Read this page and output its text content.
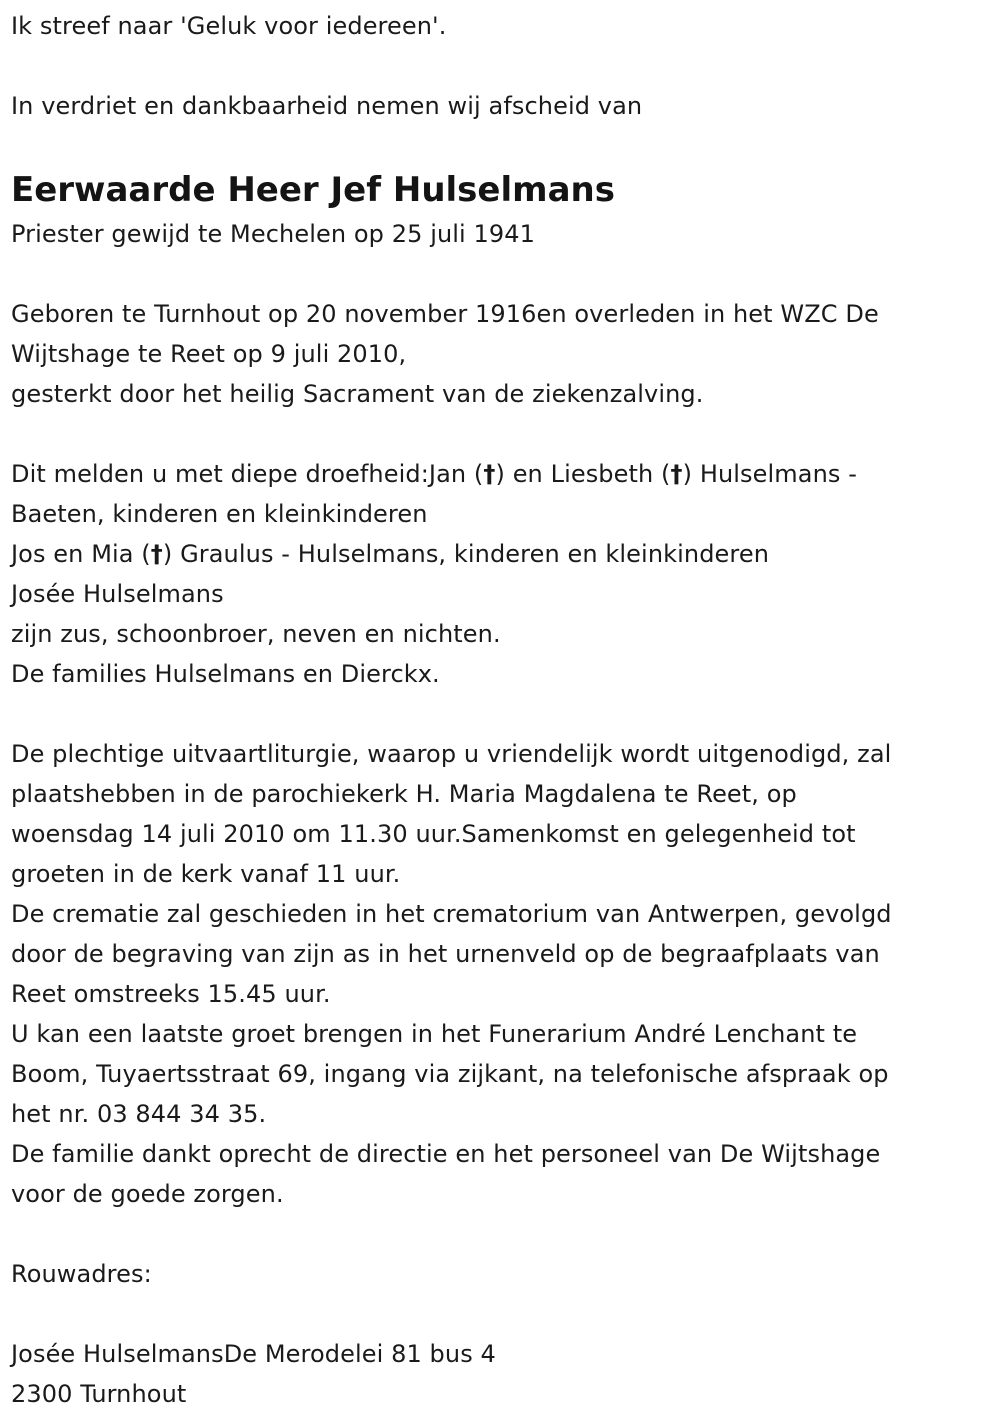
Ik streef naar 'Geluk voor iedereen'.

In verdriet en dankbaarheid nemen wij afscheid van

Eerwaarde Heer Jef Hulselmans

Priester gewijd te Mechelen op 25 juli 1941

Geboren te Turnhout op 20 november 1916en overleden in het WZC De

Wijtshage te Reet op 9 juli 2010,

gesterkt door het heilig Sacrament van de ziekenzalving.

Dit melden u met diepe droefheid:Jan (†) en Liesbeth (†) Hulselmans -

Baeten, kinderen en kleinkinderen

Jos en Mia (†) Graulus - Hulselmans, kinderen en kleinkinderen

Josée Hulselmans

zijn zus, schoonbroer, neven en nichten.

De families Hulselmans en Dierckx.

De plechtige uitvaartliturgie, waarop u vriendelijk wordt uitgenodigd, zal

plaatshebben in de parochiekerk H. Maria Magdalena te Reet, op

woensdag 14 juli 2010 om 11.30 uur.Samenkomst en gelegenheid tot

groeten in de kerk vanaf 11 uur.

De crematie zal geschieden in het crematorium van Antwerpen, gevolgd

door de begraving van zijn as in het urnenveld op de begraafplaats van

Reet omstreeks 15.45 uur.

U kan een laatste groet brengen in het Funerarium André Lenchant te

Boom, Tuyaertsstraat 69, ingang via zijkant, na telefonische afspraak op

het nr. 03 844 34 35.

De familie dankt oprecht de directie en het personeel van De Wijtshage

voor de goede zorgen.

Rouwadres:

Josée HulselmansDe Merodelei 81 bus 4

2300 Turnhout
